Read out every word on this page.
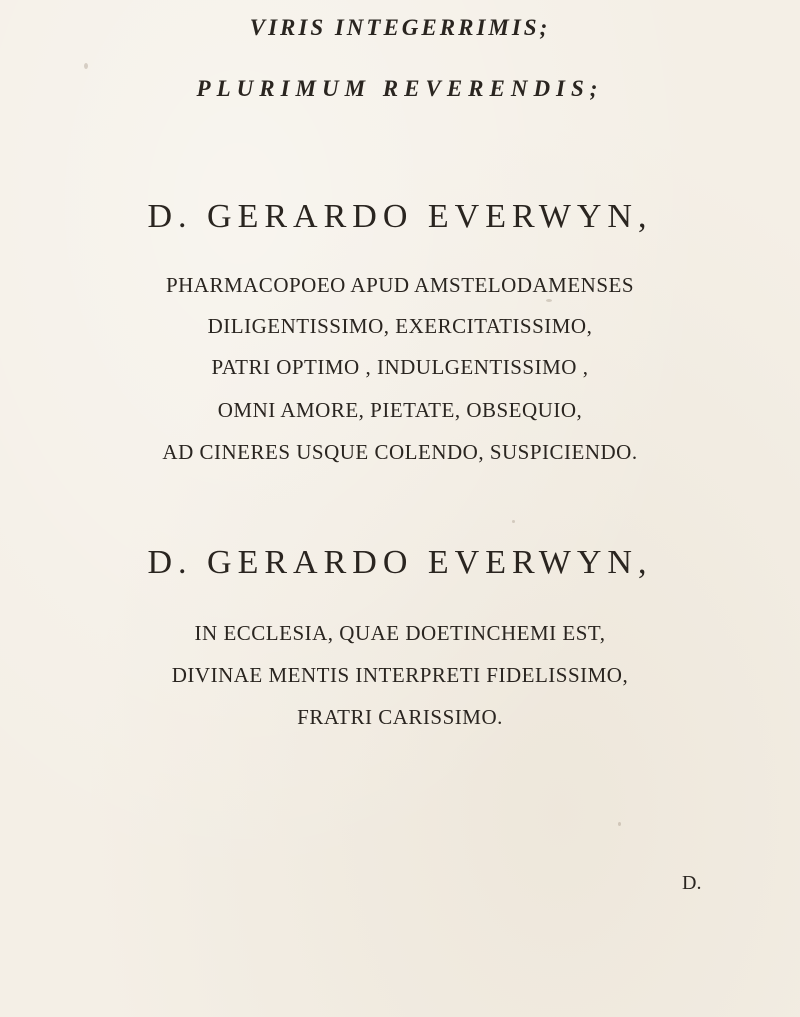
VIRIS INTEGERRIMIS;
PLURIMUM REVERENDIS;
D. GERARDO EVERWYN,
PHARMACOPOEO APUD AMSTELODAMENSES
DILIGENTISSIMO, EXERCITATISSIMO,
PATRI OPTIMO , INDULGENTISSIMO ,
OMNI AMORE, PIETATE, OBSEQUIO,
AD CINERES USQUE COLENDO, SUSPICIENDO.
D. GERARDO EVERWYN,
IN ECCLESIA, QUAE DOETINCHEMI EST,
DIVINAE MENTIS INTERPRETI FIDELISSIMO,
FRATRI CARISSIMO.
D.
